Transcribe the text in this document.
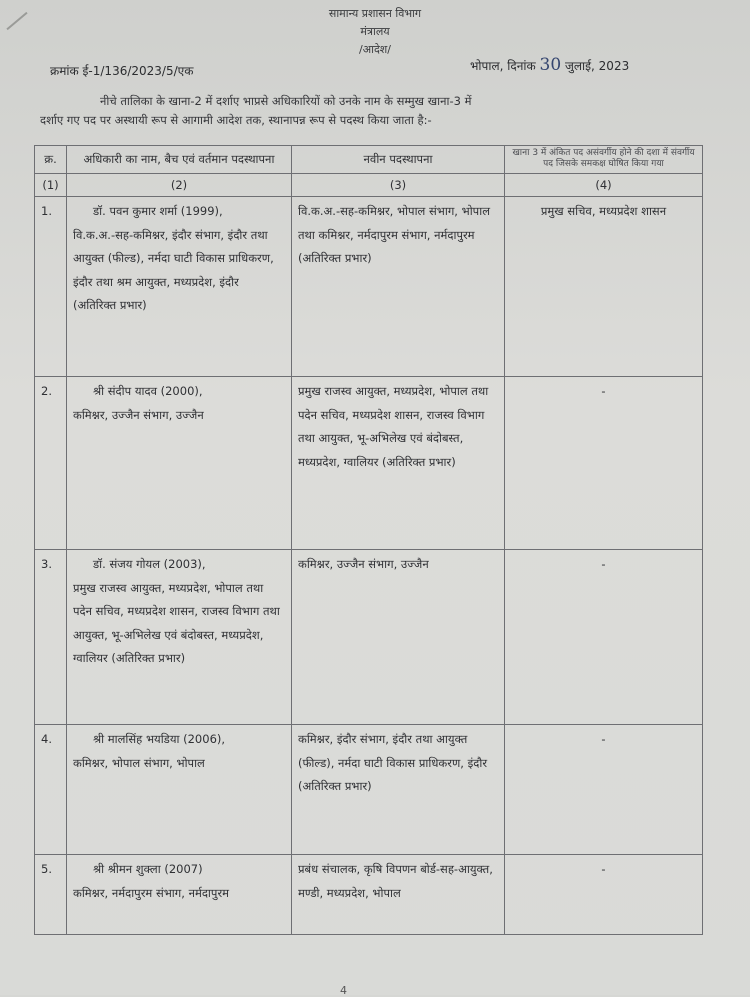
सामान्य प्रशासन विभाग
मंत्रालय
/आदेश/
क्रमांक ई-1/136/2023/5/एक	भोपाल, दिनांक 30 जुलाई, 2023
नीचे तालिका के खाना-2 में दर्शाए भाप्रसे अधिकारियों को उनके नाम के सम्मुख खाना-3 में
दर्शाए गए पद पर अस्थायी रूप से आगामी आदेश तक, स्थानापन्न रूप से पदस्थ किया जाता है:-
क्र.	अधिकारी का नाम, बैच एवं वर्तमान पदस्थापना	नवीन पदस्थापना	खाना 3 में अंकित पद असंवर्गीय होने की दशा में संवर्गीय पद जिसके समकक्ष घोषित किया गया
(1)	(2)	(3)	(4)
1.	डॉ. पवन कुमार शर्मा (1999),
वि.क.अ.-सह-कमिश्नर, इंदौर संभाग, इंदौर तथा आयुक्त (फील्ड), नर्मदा घाटी विकास प्राधिकरण, इंदौर तथा श्रम आयुक्त, मध्यप्रदेश, इंदौर (अतिरिक्त प्रभार)	वि.क.अ.-सह-कमिश्नर, भोपाल संभाग, भोपाल तथा कमिश्नर, नर्मदापुरम संभाग, नर्मदापुरम (अतिरिक्त प्रभार)	प्रमुख सचिव, मध्यप्रदेश शासन
2.	श्री संदीप यादव (2000),
कमिश्नर, उज्जैन संभाग, उज्जैन	प्रमुख राजस्व आयुक्त, मध्यप्रदेश, भोपाल तथा पदेन सचिव, मध्यप्रदेश शासन, राजस्व विभाग तथा आयुक्त, भू-अभिलेख एवं बंदोबस्त, मध्यप्रदेश, ग्वालियर (अतिरिक्त प्रभार)	-
3.	डॉ. संजय गोयल (2003),
प्रमुख राजस्व आयुक्त, मध्यप्रदेश, भोपाल तथा पदेन सचिव, मध्यप्रदेश शासन, राजस्व विभाग तथा आयुक्त, भू-अभिलेख एवं बंदोबस्त, मध्यप्रदेश, ग्वालियर (अतिरिक्त प्रभार)	कमिश्नर, उज्जैन संभाग, उज्जैन	-
4.	श्री मालसिंह भयडिया (2006),
कमिश्नर, भोपाल संभाग, भोपाल	कमिश्नर, इंदौर संभाग, इंदौर तथा आयुक्त (फील्ड), नर्मदा घाटी विकास प्राधिकरण, इंदौर (अतिरिक्त प्रभार)	-
5.	श्री श्रीमन शुक्ला (2007)
कमिश्नर, नर्मदापुरम संभाग, नर्मदापुरम	प्रबंध संचालक, कृषि विपणन बोर्ड-सह-आयुक्त, मण्डी, मध्यप्रदेश, भोपाल	-
4
